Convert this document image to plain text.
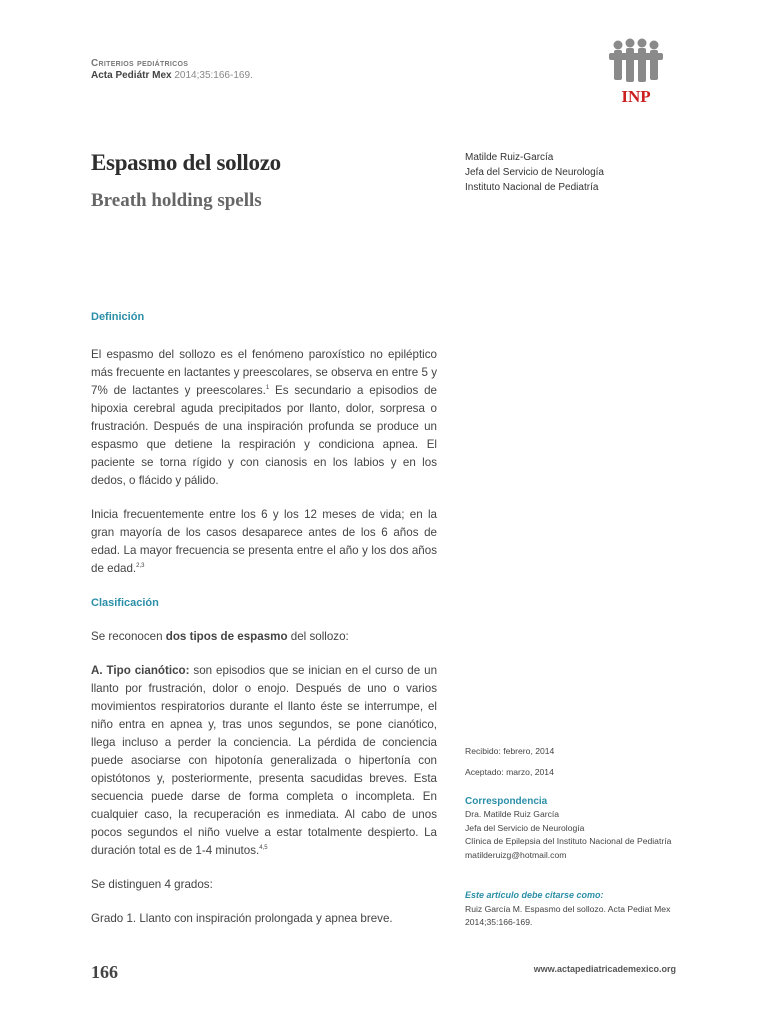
Criterios pediátricos
Acta Pediátr Mex 2014;35:166-169.
INP
Espasmo del sollozo
Breath holding spells
Matilde Ruiz-García
Jefa del Servicio de Neurología
Instituto Nacional de Pediatría
Definición

El espasmo del sollozo es el fenómeno paroxístico no epiléptico más frecuente en lactantes y preescolares, se observa en entre 5 y 7% de lactantes y preescolares.$^1$ Es secundario a episodios de hipoxia cerebral aguda precipitados por llanto, dolor, sorpresa o frustración. Después de una inspiración profunda se produce un espasmo que detiene la respiración y condiciona apnea. El paciente se torna rígido y con cianosis en los labios y en los dedos, o flácido y pálido.

Inicia frecuentemente entre los 6 y los 12 meses de vida; en la gran mayoría de los casos desaparece antes de los 6 años de edad. La mayor frecuencia se presenta entre el año y los dos años de edad.$^{2,3}$

Clasificación

Se reconocen dos tipos de espasmo del sollozo:

A. Tipo cianótico: son episodios que se inician en el curso de un llanto por frustración, dolor o enojo. Después de uno o varios movimientos respiratorios durante el llanto éste se interrumpe, el niño entra en apnea y, tras unos segundos, se pone cianótico, llega incluso a perder la conciencia. La pérdida de conciencia puede asociarse con hipotonía generalizada o hipertonía con opistótonos y, posteriormente, presenta sacudidas breves. Esta secuencia puede darse de forma completa o incompleta. En cualquier caso, la recuperación es inmediata. Al cabo de unos pocos segundos el niño vuelve a estar totalmente despierto. La duración total es de 1-4 minutos.$^{4,5}$

Se distinguen 4 grados:

Grado 1. Llanto con inspiración prolongada y apnea breve.

Recibido: febrero, 2014
Aceptado: marzo, 2014
Correspondencia
Dra. Matilde Ruiz García
Jefa del Servicio de Neurología
Clínica de Epilepsia del Instituto Nacional de Pediatría
matilderuizg@hotmail.com
Este artículo debe citarse como:
Ruiz García M. Espasmo del sollozo. Acta Pediat Mex 2014;35:166-169.
166	www.actapediatricademexico.org
